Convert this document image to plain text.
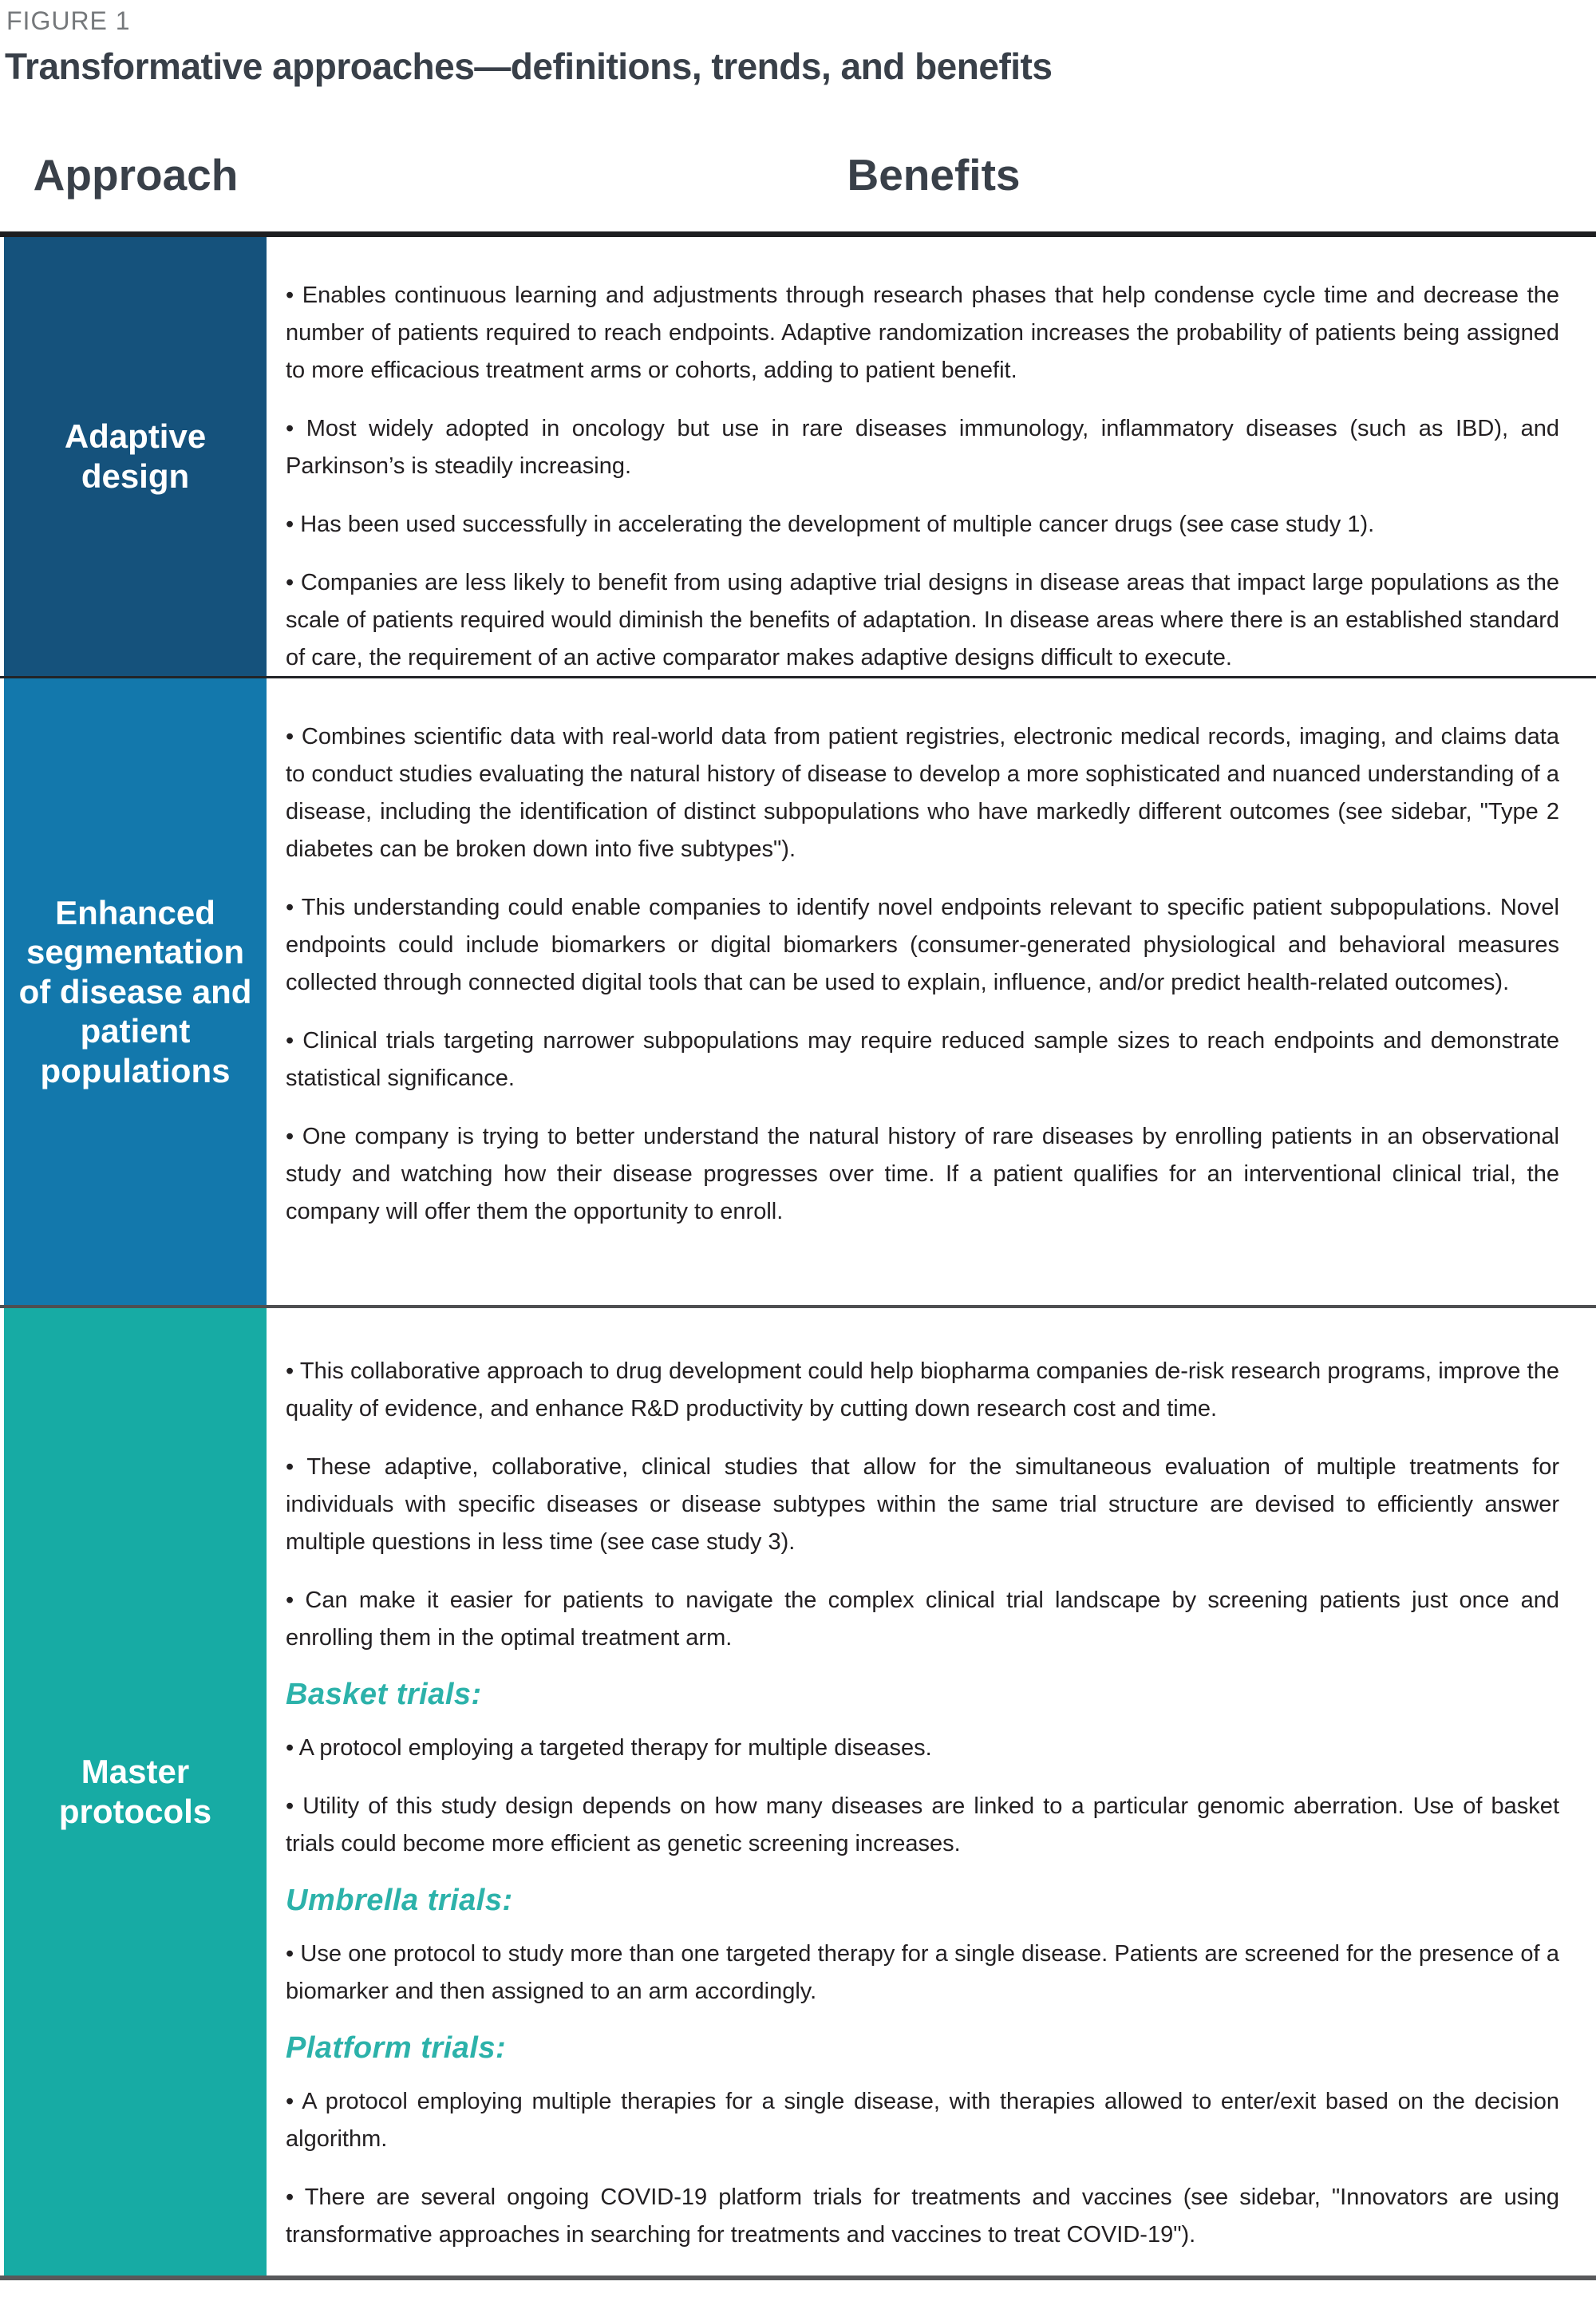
FIGURE 1
Transformative approaches—definitions, trends, and benefits
Approach	Benefits
Adaptive design

• Enables continuous learning and adjustments through research phases that help condense cycle time and decrease the number of patients required to reach endpoints. Adaptive randomization increases the probability of patients being assigned to more efficacious treatment arms or cohorts, adding to patient benefit.

• Most widely adopted in oncology but use in rare diseases immunology, inflammatory diseases (such as IBD), and Parkinson’s is steadily increasing.

• Has been used successfully in accelerating the development of multiple cancer drugs (see case study 1).

• Companies are less likely to benefit from using adaptive trial designs in disease areas that impact large populations as the scale of patients required would diminish the benefits of adaptation. In disease areas where there is an established standard of care, the requirement of an active comparator makes adaptive designs difficult to execute.

Enhanced segmentation of disease and patient populations

• Combines scientific data with real-world data from patient registries, electronic medical records, imaging, and claims data to conduct studies evaluating the natural history of disease to develop a more sophisticated and nuanced understanding of a disease, including the identification of distinct subpopulations who have markedly different outcomes (see sidebar, "Type 2 diabetes can be broken down into five subtypes").

• This understanding could enable companies to identify novel endpoints relevant to specific patient subpopulations. Novel endpoints could include biomarkers or digital biomarkers (consumer-generated physiological and behavioral measures collected through connected digital tools that can be used to explain, influence, and/or predict health-related outcomes).

• Clinical trials targeting narrower subpopulations may require reduced sample sizes to reach endpoints and demonstrate statistical significance.

• One company is trying to better understand the natural history of rare diseases by enrolling patients in an observational study and watching how their disease progresses over time. If a patient qualifies for an interventional clinical trial, the company will offer them the opportunity to enroll.

Master protocols

• This collaborative approach to drug development could help biopharma companies de-risk research programs, improve the quality of evidence, and enhance R&D productivity by cutting down research cost and time.

• These adaptive, collaborative, clinical studies that allow for the simultaneous evaluation of multiple treatments for individuals with specific diseases or disease subtypes within the same trial structure are devised to efficiently answer multiple questions in less time (see case study 3).

• Can make it easier for patients to navigate the complex clinical trial landscape by screening patients just once and enrolling them in the optimal treatment arm.

Basket trials:

• A protocol employing a targeted therapy for multiple diseases.

• Utility of this study design depends on how many diseases are linked to a particular genomic aberration. Use of basket trials could become more efficient as genetic screening increases.

Umbrella trials:

• Use one protocol to study more than one targeted therapy for a single disease. Patients are screened for the presence of a biomarker and then assigned to an arm accordingly.

Platform trials:

• A protocol employing multiple therapies for a single disease, with therapies allowed to enter/exit based on the decision algorithm.

• There are several ongoing COVID-19 platform trials for treatments and vaccines (see sidebar, "Innovators are using transformative approaches in searching for treatments and vaccines to treat COVID-19").
